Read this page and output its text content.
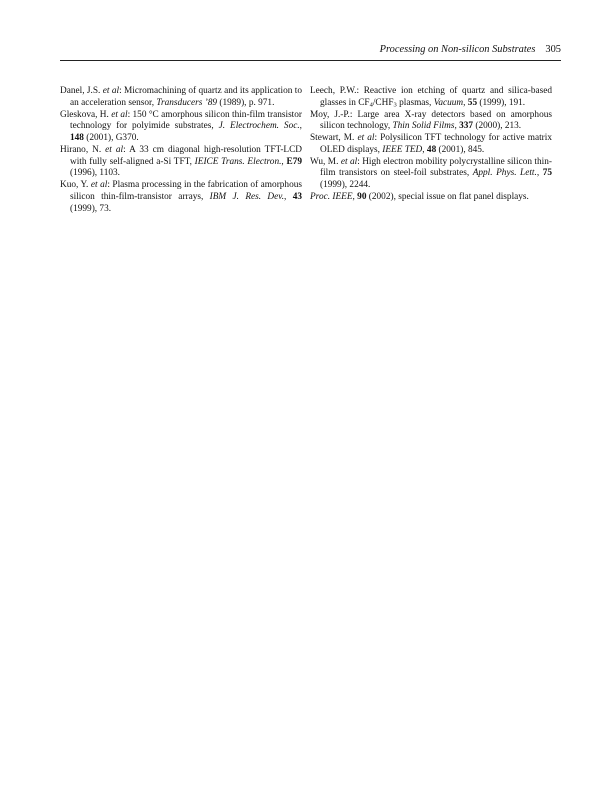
Processing on Non-silicon Substrates 305

Danel, J.S. et al: Micromachining of quartz and its application to an acceleration sensor, Transducers ’89 (1989), p. 971.

Gleskova, H. et al: 150 °C amorphous silicon thin-film transistor technology for polyimide substrates, J. Electrochem. Soc., 148 (2001), G370.

Hirano, N. et al: A 33 cm diagonal high-resolution TFT-LCD with fully self-aligned a-Si TFT, IEICE Trans. Electron., E79 (1996), 1103.

Kuo, Y. et al: Plasma processing in the fabrication of amorphous silicon thin-film-transistor arrays, IBM J. Res. Dev., 43 (1999), 73.

Leech, P.W.: Reactive ion etching of quartz and silica-based glasses in $CF_4/CHF_3$ plasmas, Vacuum, 55 (1999), 191.

Moy, J.-P.: Large area X-ray detectors based on amorphous silicon technology, Thin Solid Films, 337 (2000), 213.

Stewart, M. et al: Polysilicon TFT technology for active matrix OLED displays, IEEE TED, 48 (2001), 845.

Wu, M. et al: High electron mobility polycrystalline silicon thin-film transistors on steel-foil substrates, Appl. Phys. Lett., 75 (1999), 2244.

Proc. IEEE, 90 (2002), special issue on flat panel displays.
